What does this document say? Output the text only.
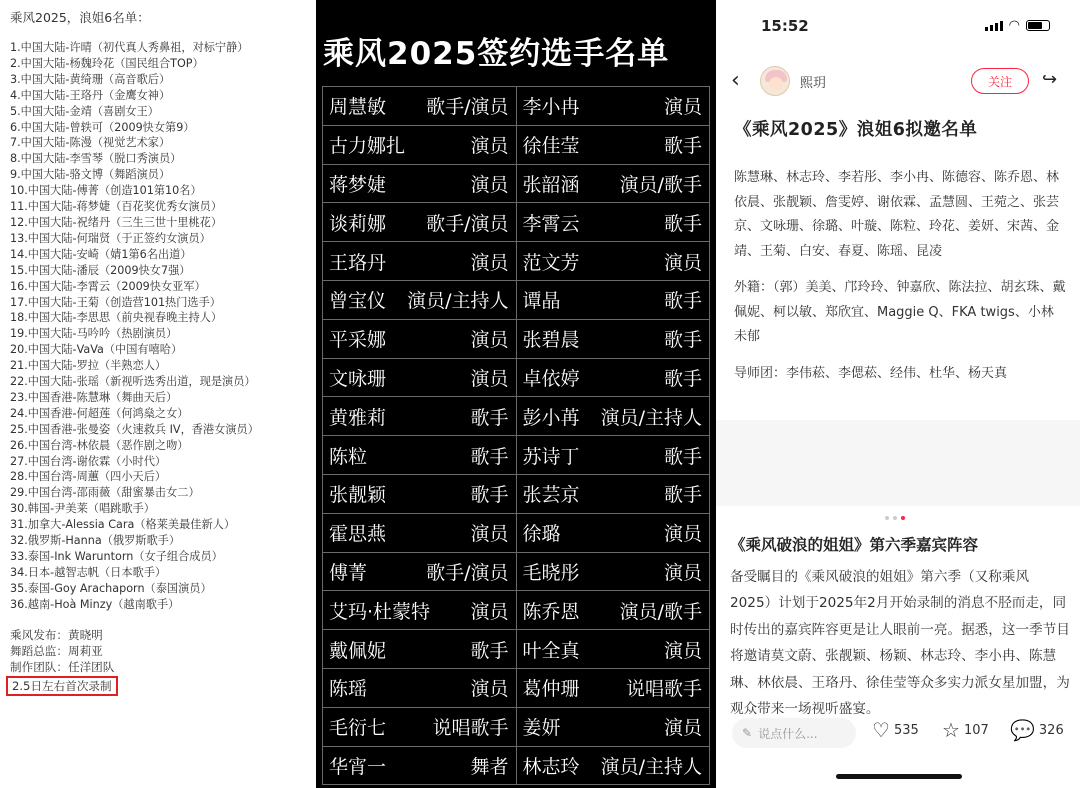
乘风2025，浪姐6名单：
1.中国大陆-许晴（初代真人秀鼻祖，对标宁静）
2.中国大陆-杨魏玲花（国民组合TOP）
3.中国大陆-黄绮珊（高音歌后）
4.中国大陆-王珞丹（金鹰女神）
5.中国大陆-金靖（喜剧女王）
6.中国大陆-曾轶可（2009快女第9）
7.中国大陆-陈漫（视觉艺术家）
8.中国大陆-李雪琴（脱口秀演员）
9.中国大陆-骆文博（舞蹈演员）
10.中国大陆-傅菁（创造101第10名）
11.中国大陆-蒋梦婕（百花奖优秀女演员）
12.中国大陆-祝绪丹（三生三世十里桃花）
13.中国大陆-何瑞贤（于正签约女演员）
14.中国大陆-安崎（婧1第6名出道）
15.中国大陆-潘辰（2009快女7强）
16.中国大陆-李霄云（2009快女亚军）
17.中国大陆-王菊（创造营101热门选手）
18.中国大陆-李思思（前央视春晚主持人）
19.中国大陆-马吟吟（热剧演员）
20.中国大陆-VaVa（中国有嘻哈）
21.中国大陆-罗拉（半熟恋人）
22.中国大陆-张瑶（新视听选秀出道，现是演员）
23.中国香港-陈慧琳（舞曲天后）
24.中国香港-何超莲（何鸿燊之女）
25.中国香港-张曼姿（火速救兵 IV，香港女演员）
26.中国台湾-林依晨（恶作剧之吻）
27.中国台湾-谢依霖（小时代）
28.中国台湾-周蕙（四小天后）
29.中国台湾-邵雨薇（甜蜜暴击女二）
30.韩国-尹美莱（唱跳歌手）
31.加拿大-Alessia Cara（格莱美最佳新人）
32.俄罗斯-Hanna（俄罗斯歌手）
33.泰国-Ink Waruntorn（女子组合成员）
34.日本-越智志帆（日本歌手）
35.泰国-Goy Arachaporn（泰国演员）
36.越南-Hoà Minzy（越南歌手）
乘风发布：黄晓明
舞蹈总监：周莉亚
制作团队：任洋团队
2.5日左右首次录制
乘风2025签约选手名单
周慧敏 歌手/演员 李小冉	演员
古力娜扎	演员 徐佳莹	歌手
蒋梦婕	演员 张韶涵 演员/歌手
谈莉娜 歌手/演员 李霄云	歌手
王珞丹	演员 范文芳	演员
曾宝仪 演员/主持人 谭晶	歌手
平采娜	演员 张碧晨	歌手
文咏珊	演员 卓依婷	歌手
黄雅莉	歌手 彭小苒 演员/主持人
陈粒	歌手 苏诗丁	歌手
张靓颖	歌手 张芸京	歌手
霍思燕	演员 徐璐	演员
傅菁	歌手/演员 毛晓彤	演员
艾玛·杜蒙特 演员 陈乔恩 演员/歌手
戴佩妮	歌手 叶全真	演员
陈瑶	演员 葛仲珊 说唱歌手
毛衍七 说唱歌手 姜妍	演员
华宵一	舞者 林志玲 演员/主持人
15:52	◠
‹	熙玥	关注	↪
《乘风2025》浪姐6拟邀名单

陈慧琳、林志玲、李若彤、李小冉、陈德容、陈乔恩、林依晨、张靓颖、詹雯婷、谢依霖、孟慧圆、王菀之、张芸京、文咏珊、徐璐、叶璇、陈粒、玲花、姜妍、宋茜、金靖、王菊、白安、春夏、陈瑶、昆凌

外籍：（郭）美美、邝玲玲、钟嘉欣、陈法拉、胡玄珠、戴佩妮、柯以敏、郑欣宜、Maggie Q、FKA twigs、小林未郁

导师团：李伟菘、李偲菘、经伟、杜华、杨天真

《乘风破浪的姐姐》第六季嘉宾阵容
备受瞩目的《乘风破浪的姐姐》第六季（又称乘风2025）计划于2025年2月开始录制的消息不胫而走，同时传出的嘉宾阵容更是让人眼前一亮。据悉，这一季节目将邀请莫文蔚、张靓颖、杨颖、林志玲、李小冉、陈慧琳、林依晨、王珞丹、徐佳莹等众多实力派女星加盟，为观众带来一场视听盛宴。
✎ 说点什么...	♡ 535 ☆ 107 💬 326
